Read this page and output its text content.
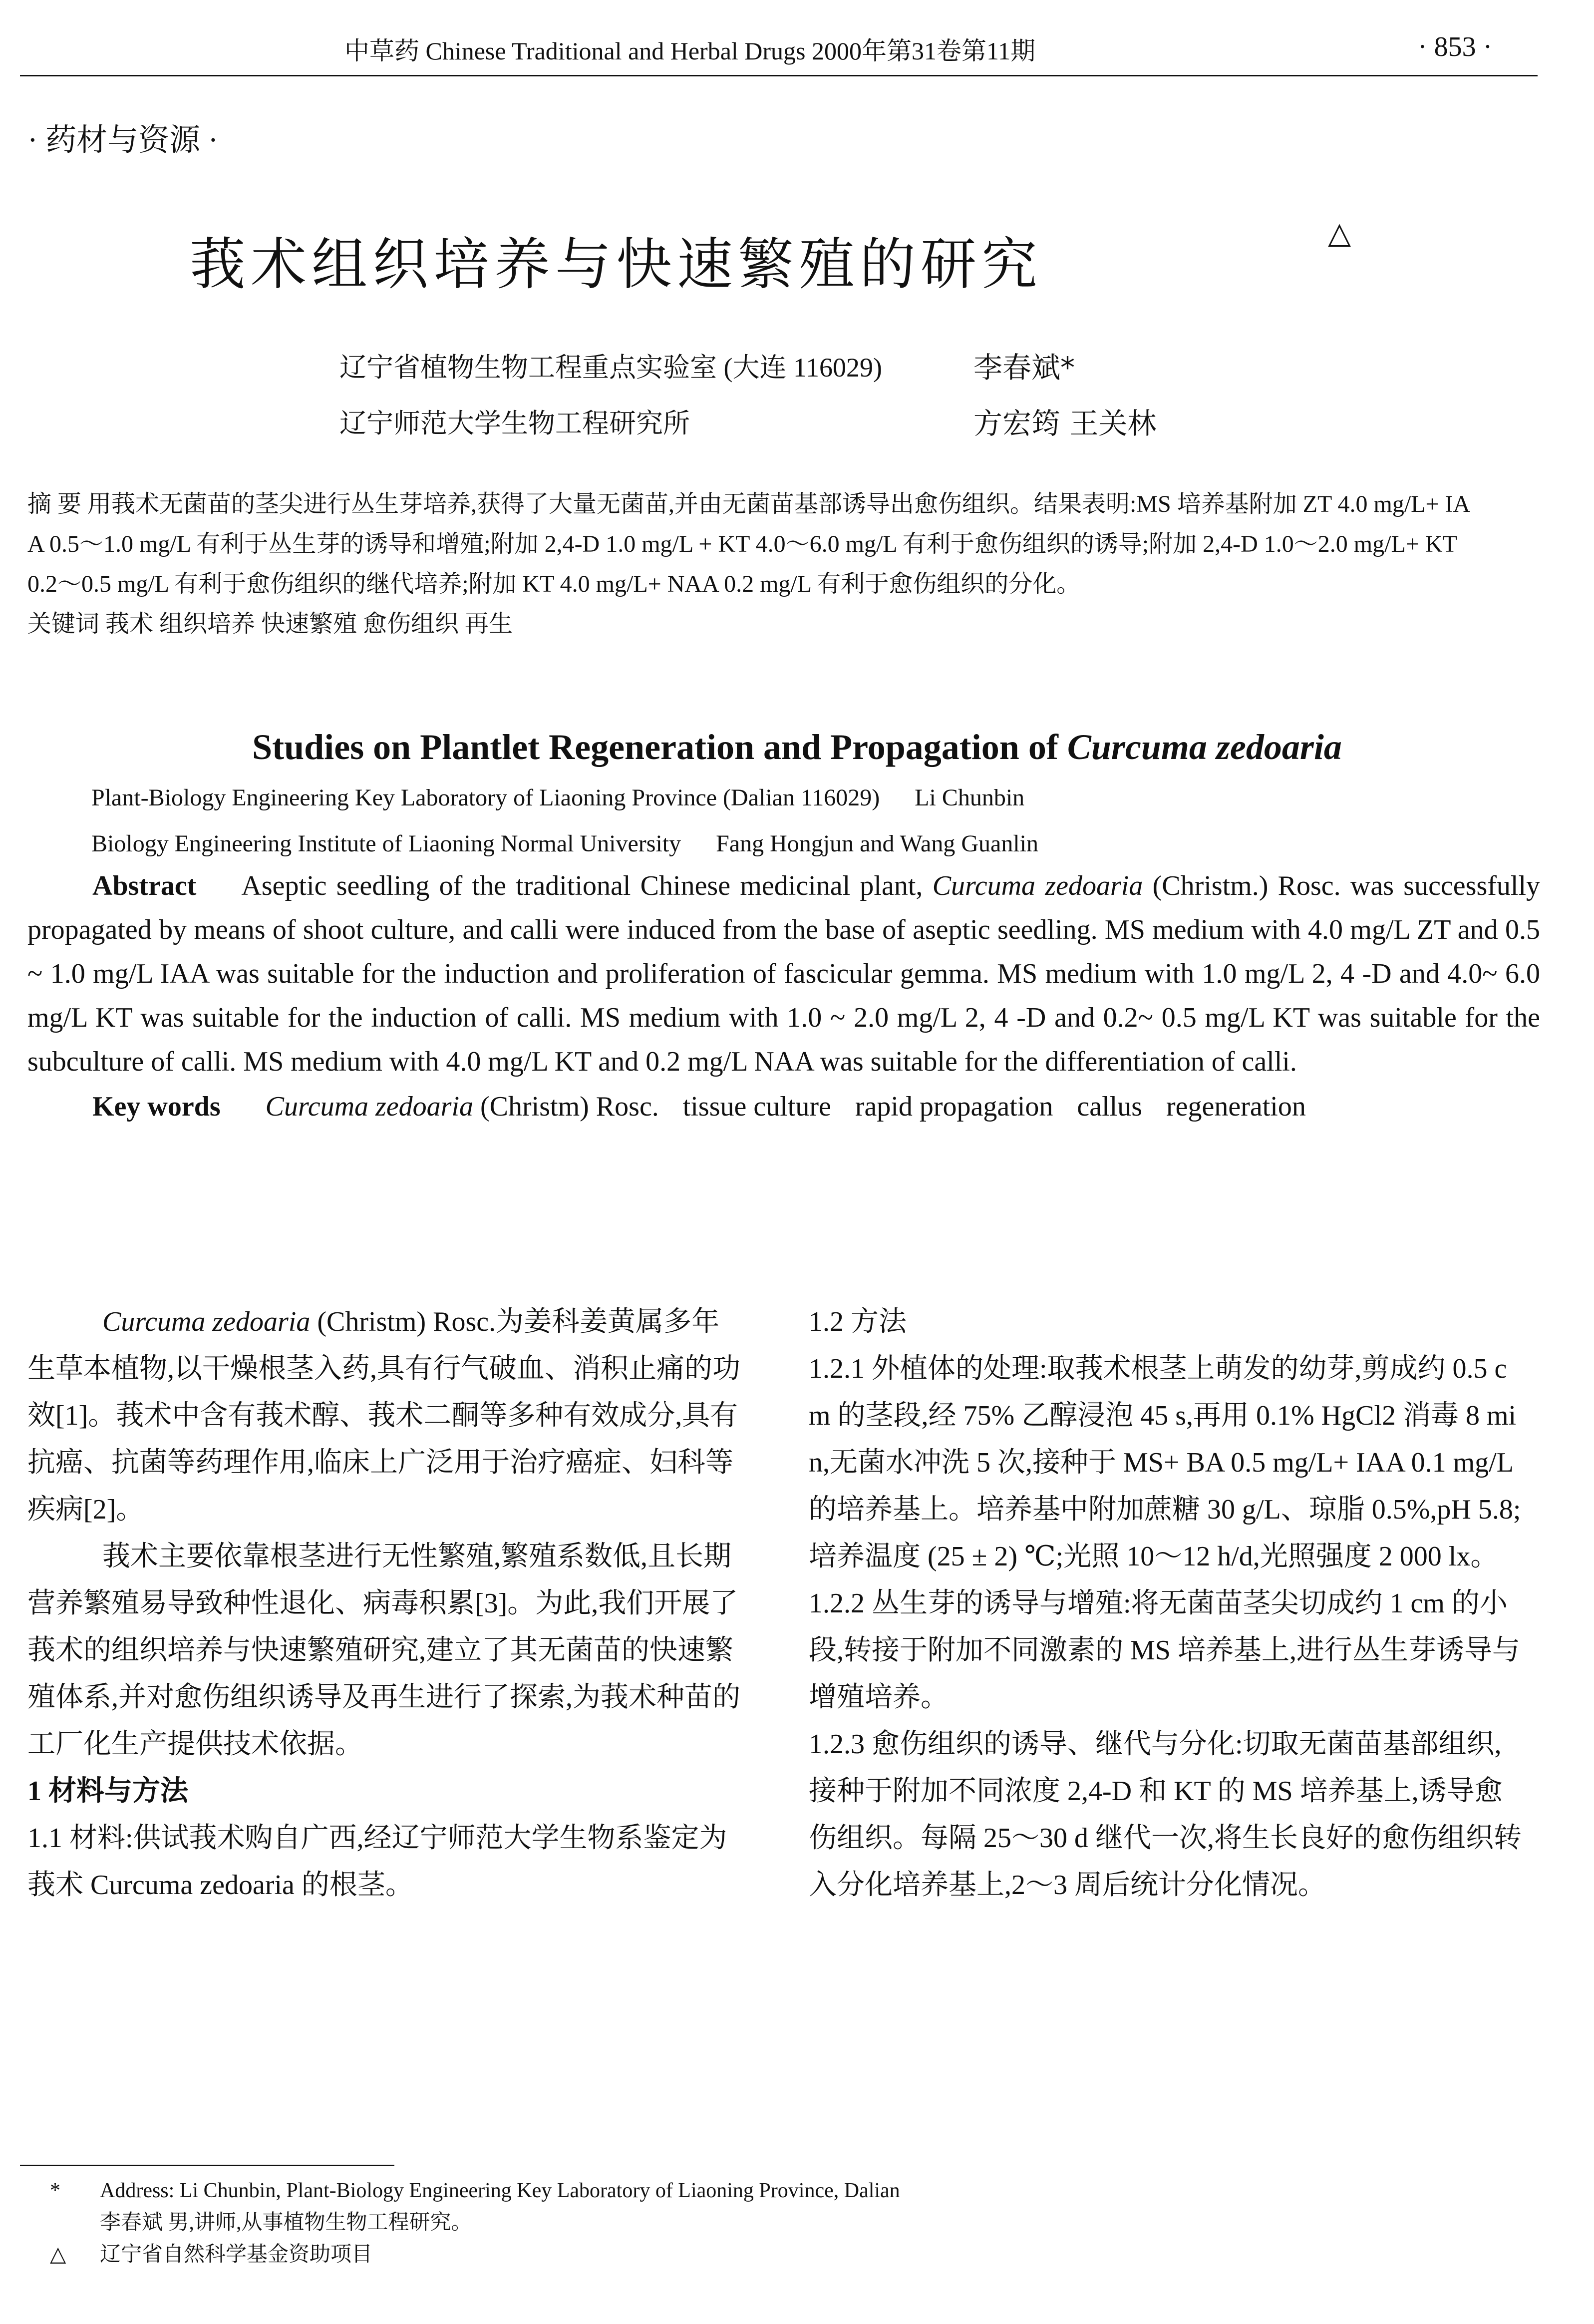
中草药 Chinese Traditional and Herbal Drugs 2000年第31卷第11期	· 853 ·
· 药材与资源 ·
莪术组织培养与快速繁殖的研究
△
辽宁省植物生物工程重点实验室 (大连 116029)	李春斌*
辽宁师范大学生物工程研究所	方宏筠 王关林

摘 要 用莪术无菌苗的茎尖进行丛生芽培养,获得了大量无菌苗,并由无菌苗基部诱导出愈伤组织。结果表明:MS 培养基附加 ZT 4.0 mg/L+ IAA 0.5～1.0 mg/L 有利于丛生芽的诱导和增殖;附加 2,4-D 1.0 mg/L + KT 4.0～6.0 mg/L 有利于愈伤组织的诱导;附加 2,4-D 1.0～2.0 mg/L+ KT 0.2～0.5 mg/L 有利于愈伤组织的继代培养;附加 KT 4.0 mg/L+ NAA 0.2 mg/L 有利于愈伤组织的分化。

关键词 莪术 组织培养 快速繁殖 愈伤组织 再生

Studies on Plantlet Regeneration and Propagation of Curcuma zedoaria
Plant-Biology Engineering Key Laboratory of Liaoning Province (Dalian 116029) Li Chunbin
Biology Engineering Institute of Liaoning Normal University Fang Hongjun and Wang Guanlin

Abstract Aseptic seedling of the traditional Chinese medicinal plant, Curcuma zedoaria (Christm.) Rosc. was successfully propagated by means of shoot culture, and calli were induced from the base of aseptic seedling. MS medium with 4.0 mg/L ZT and 0.5 ~ 1.0 mg/L IAA was suitable for the induction and proliferation of fascicular gemma. MS medium with 1.0 mg/L 2, 4 -D and 4.0~ 6.0 mg/L KT was suitable for the induction of calli. MS medium with 1.0 ~ 2.0 mg/L 2, 4 -D and 0.2~ 0.5 mg/L KT was suitable for the subculture of calli. MS medium with 4.0 mg/L KT and 0.2 mg/L NAA was suitable for the differentiation of calli.

Key words Curcuma zedoaria (Christm) Rosc. tissue culture rapid propagation callus regeneration

Curcuma zedoaria (Christm) Rosc.为姜科姜黄属多年生草本植物,以干燥根茎入药,具有行气破血、消积止痛的功效[1]。莪术中含有莪术醇、莪术二酮等多种有效成分,具有抗癌、抗菌等药理作用,临床上广泛用于治疗癌症、妇科等疾病[2]。

莪术主要依靠根茎进行无性繁殖,繁殖系数低,且长期营养繁殖易导致种性退化、病毒积累[3]。为此,我们开展了莪术的组织培养与快速繁殖研究,建立了其无菌苗的快速繁殖体系,并对愈伤组织诱导及再生进行了探索,为莪术种苗的工厂化生产提供技术依据。

1 材料与方法

1.1 材料:供试莪术购自广西,经辽宁师范大学生物系鉴定为莪术 Curcuma zedoaria 的根茎。

1.2 方法

1.2.1 外植体的处理:取莪术根茎上萌发的幼芽,剪成约 0.5 cm 的茎段,经 75% 乙醇浸泡 45 s,再用 0.1% HgCl2 消毒 8 min,无菌水冲洗 5 次,接种于 MS+ BA 0.5 mg/L+ IAA 0.1 mg/L 的培养基上。培养基中附加蔗糖 30 g/L、琼脂 0.5%,pH 5.8;培养温度 (25 ± 2) ℃;光照 10～12 h/d,光照强度 2 000 lx。

1.2.2 丛生芽的诱导与增殖:将无菌苗茎尖切成约 1 cm 的小段,转接于附加不同激素的 MS 培养基上,进行丛生芽诱导与增殖培养。

1.2.3 愈伤组织的诱导、继代与分化:切取无菌苗基部组织,接种于附加不同浓度 2,4-D 和 KT 的 MS 培养基上,诱导愈伤组织。每隔 25～30 d 继代一次,将生长良好的愈伤组织转入分化培养基上,2～3 周后统计分化情况。

* Address: Li Chunbin, Plant-Biology Engineering Key Laboratory of Liaoning Province, Dalian

李春斌 男,讲师,从事植物生物工程研究。

△ 辽宁省自然科学基金资助项目
